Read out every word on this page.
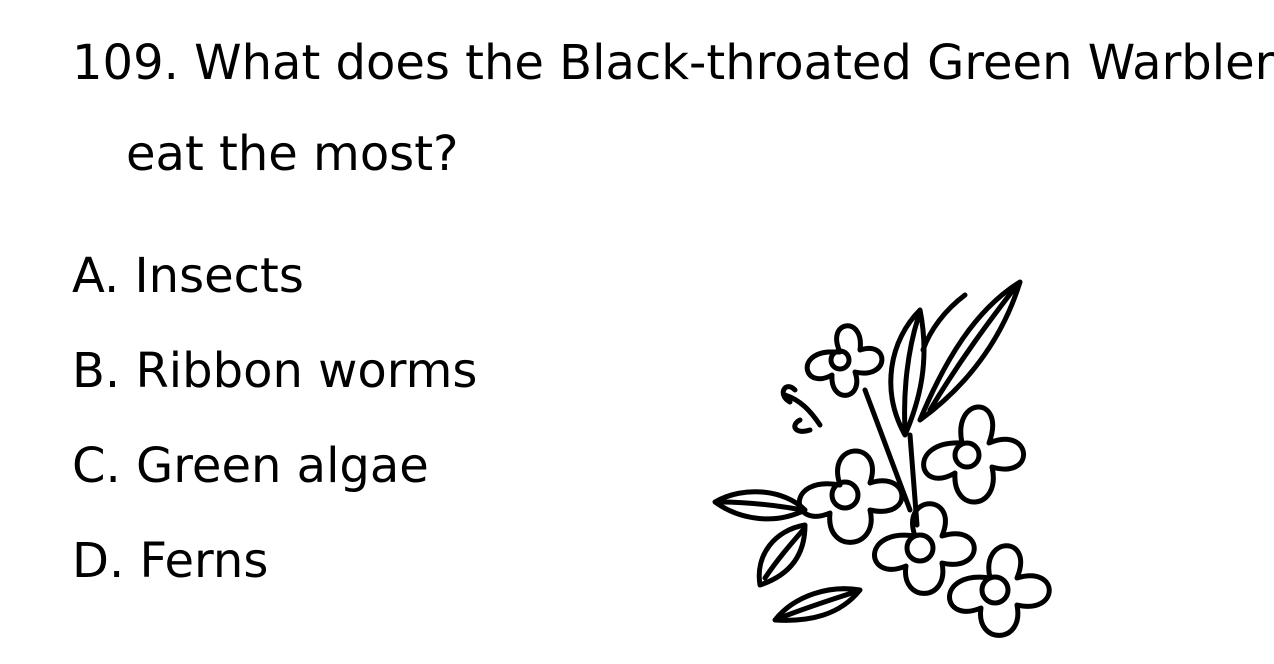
109. What does the Black-throated Green Warbler
eat the most?
A. Insects
B. Ribbon worms
C. Green algae
D. Ferns
